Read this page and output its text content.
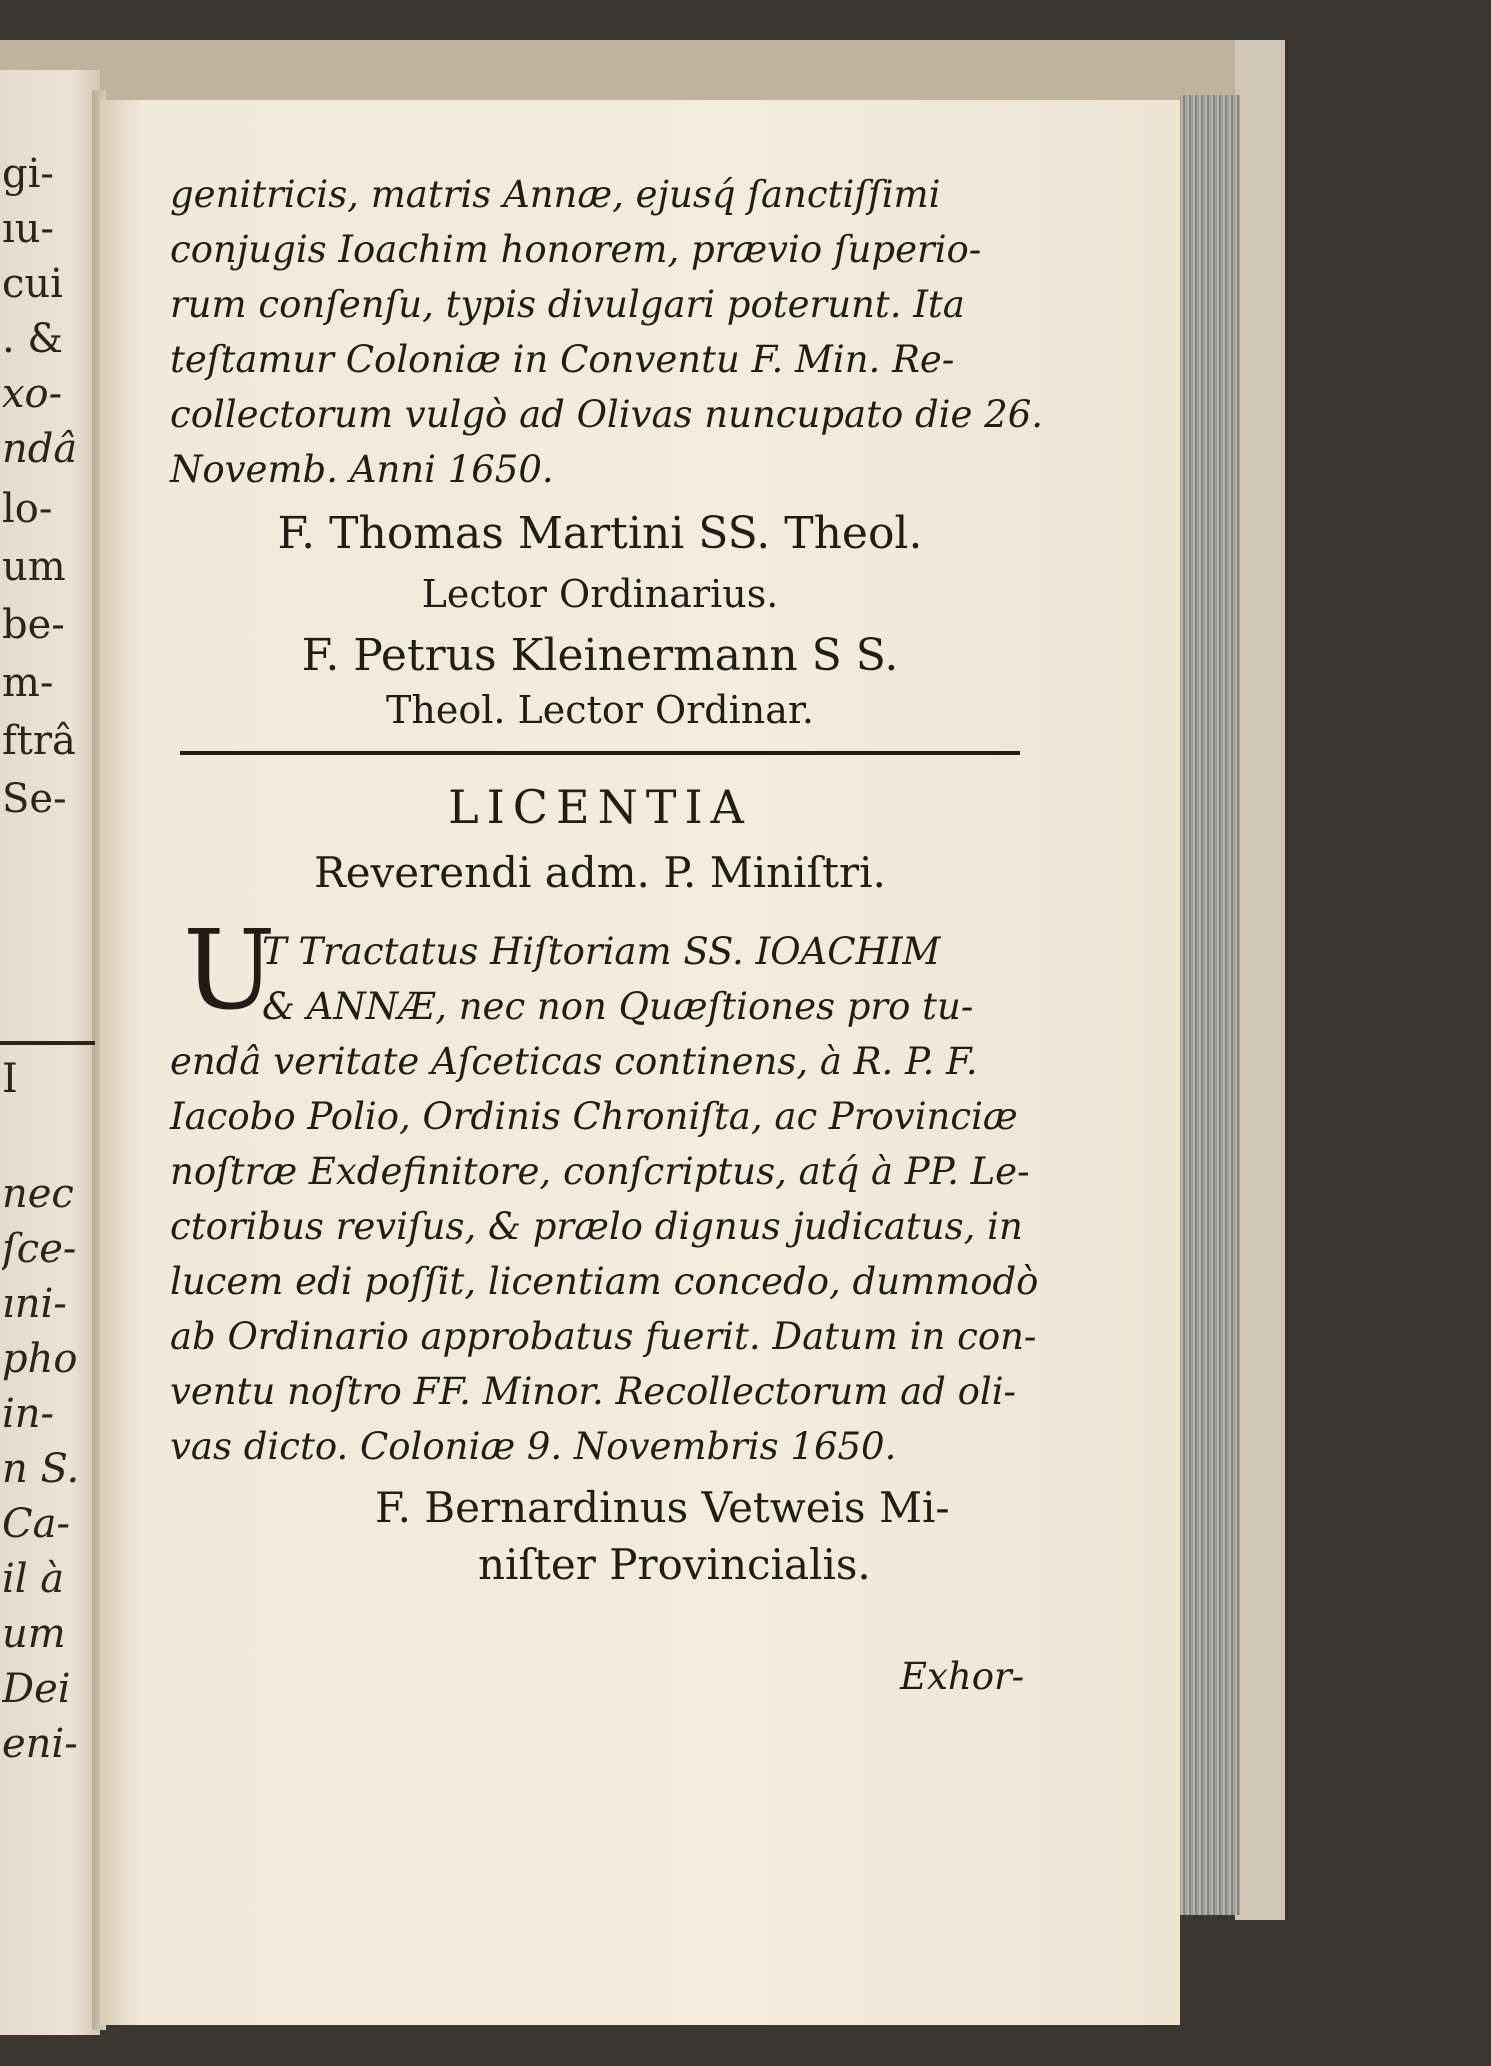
gi-
ıu-
cui
. &
xo-
ndâ
lo-
um
be-
m-
ftrâ
Se-
I
nec
ſce-
ıni-
pho
in-
n S.
Ca-
il à
um
Dei
eni-

genitricis, matris Annæ, ejusq́ ſanctiſſimi

conjugis Ioachim honorem, prævio ſuperio-

rum conſenſu, typis divulgari poterunt. Ita

teſtamur Coloniæ in Conventu F. Min. Re-

collectorum vulgò ad Olivas nuncupato die 26.

Novemb. Anni 1650.

F. Thomas Martini SS. Theol.

Lector Ordinarius.

F. Petrus Kleinermann S S.

Theol. Lector Ordinar.

LICENTIA

Reverendi adm. P. Miniſtri.

U

T Tractatus Hiſtoriam SS. IOACHIM

& ANNÆ, nec non Quæſtiones pro tu-

endâ veritate Aſceticas continens, à R. P. F.

Iacobo Polio, Ordinis Chroniſta, ac Provinciæ

noſtræ Exdefinitore, conſcriptus, atq́ à PP. Le-

ctoribus reviſus, & prælo dignus judicatus, in

lucem edi poſſit, licentiam concedo, dummodò

ab Ordinario approbatus fuerit. Datum in con-

ventu noſtro FF. Minor. Recollectorum ad oli-

vas dicto. Coloniæ 9. Novembris 1650.

F. Bernardinus Vetweis Mi-

niſter Provincialis.

Exhor-
